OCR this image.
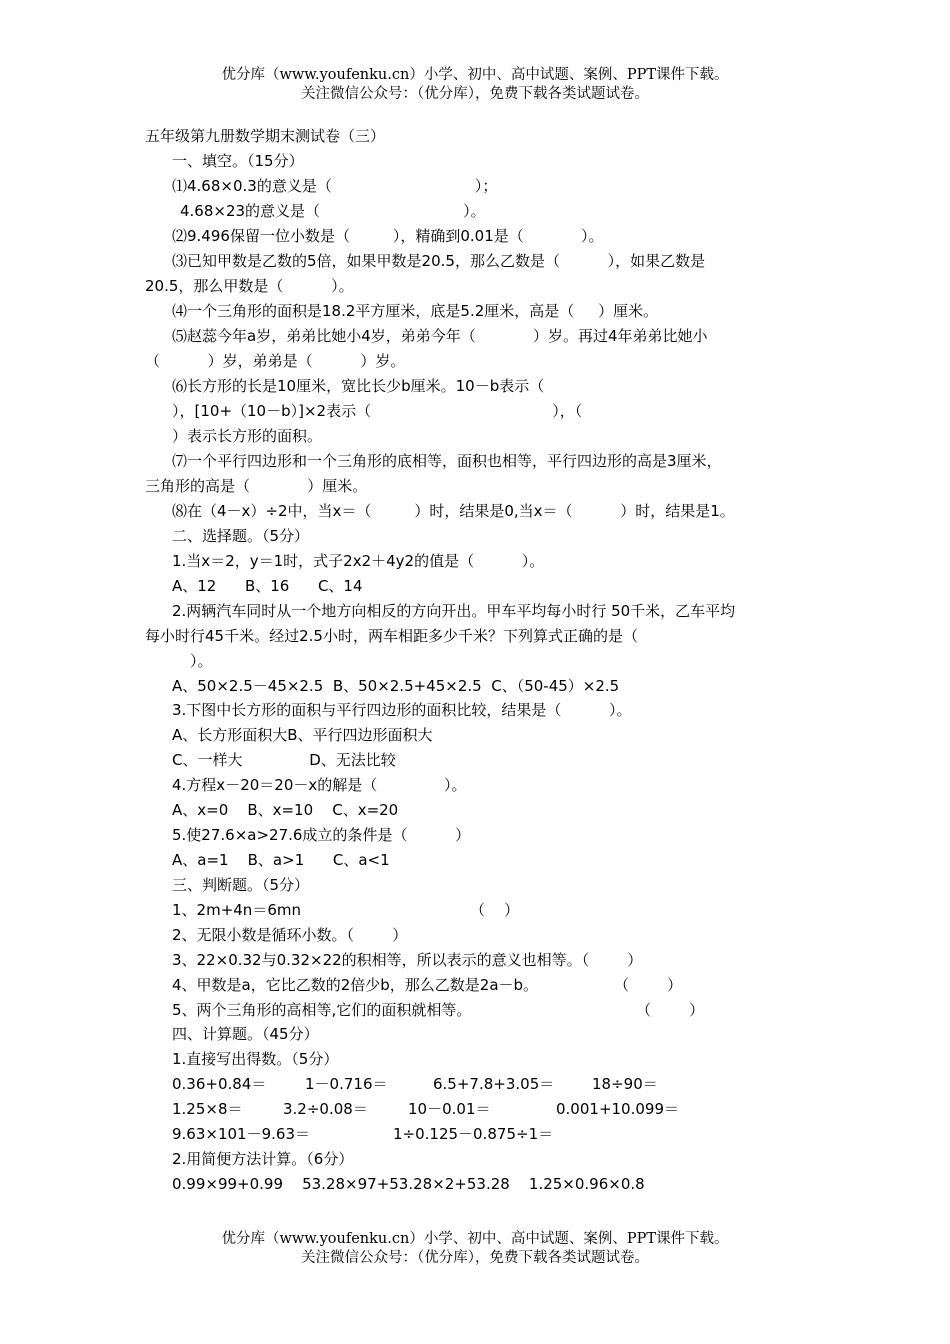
优分库（www.youfenku.cn）小学、初中、高中试题、案例、PPT课件下载。
关注微信公众号：（优分库），免费下载各类试题试卷。
五年级第九册数学期末测试卷（三）
一、填空。（15分）
⑴4.68×0.3的意义是（                              ）；
4.68×23的意义是（                              ）。
⑵9.496保留一位小数是（         ），精确到0.01是（            ）。
⑶已知甲数是乙数的5倍，如果甲数是20.5，那么乙数是（          ），如果乙数是
20.5，那么甲数是（          ）。
⑷一个三角形的面积是18.2平方厘米，底是5.2厘米，高是（     ）厘米。
⑸赵蕊今年a岁，弟弟比她小4岁，弟弟今年（            ）岁。再过4年弟弟比她小
（          ）岁，弟弟是（          ）岁。
⑹长方形的长是10厘米，宽比长少b厘米。10－b表示（
），[10+（10－b）]×2表示（                                      ），（
）表示长方形的面积。
⑺一个平行四边形和一个三角形的底相等，面积也相等，平行四边形的高是3厘米，
三角形的高是（            ）厘米。
⑻在（4－x）÷2中，当x＝（         ）时，结果是0,当x＝（          ）时，结果是1。
二、选择题。（5分）
1.当x＝2，y＝1时，式子2x2＋4y2的值是（          ）。
A、12      B、16      C、14
2.两辆汽车同时从一个地方向相反的方向开出。甲车平均每小时行 50千米，乙车平均
每小时行45千米。经过2.5小时，两车相距多少千米？下列算式正确的是（
）。
A、50×2.5－45×2.5  B、50×2.5+45×2.5  C、（50-45）×2.5
3.下图中长方形的面积与平行四边形的面积比较，结果是（          ）。
A、长方形面积大B、平行四边形面积大
C、一样大              D、无法比较
4.方程x－20＝20－x的解是（              ）。
A、x=0    B、x=10    C、x=20
5.使27.6×a>27.6成立的条件是（          ）
A、a=1    B、a>1      C、a<1
三、判断题。（5分）
1、2m+4n＝6mn	（    ）
2、无限小数是循环小数。（        ）
3、22×0.32与0.32×22的积相等，所以表示的意义也相等。（        ）
4、甲数是a，它比乙数的2倍少b，那么乙数是2a－b。	（        ）
5、两个三角形的高相等,它们的面积就相等。	（        ）
四、计算题。（45分）
1.直接写出得数。（5分）
0.36+0.84＝	1－0.716＝	6.5+7.8+3.05＝	18÷90＝
1.25×8＝	3.2÷0.08＝	10－0.01＝	0.001+10.099＝
9.63×101－9.63＝	1÷0.125－0.875÷1＝
2.用简便方法计算。（6分）
0.99×99+0.99    53.28×97+53.28×2+53.28    1.25×0.96×0.8
优分库（www.youfenku.cn）小学、初中、高中试题、案例、PPT课件下载。
关注微信公众号：（优分库），免费下载各类试题试卷。
